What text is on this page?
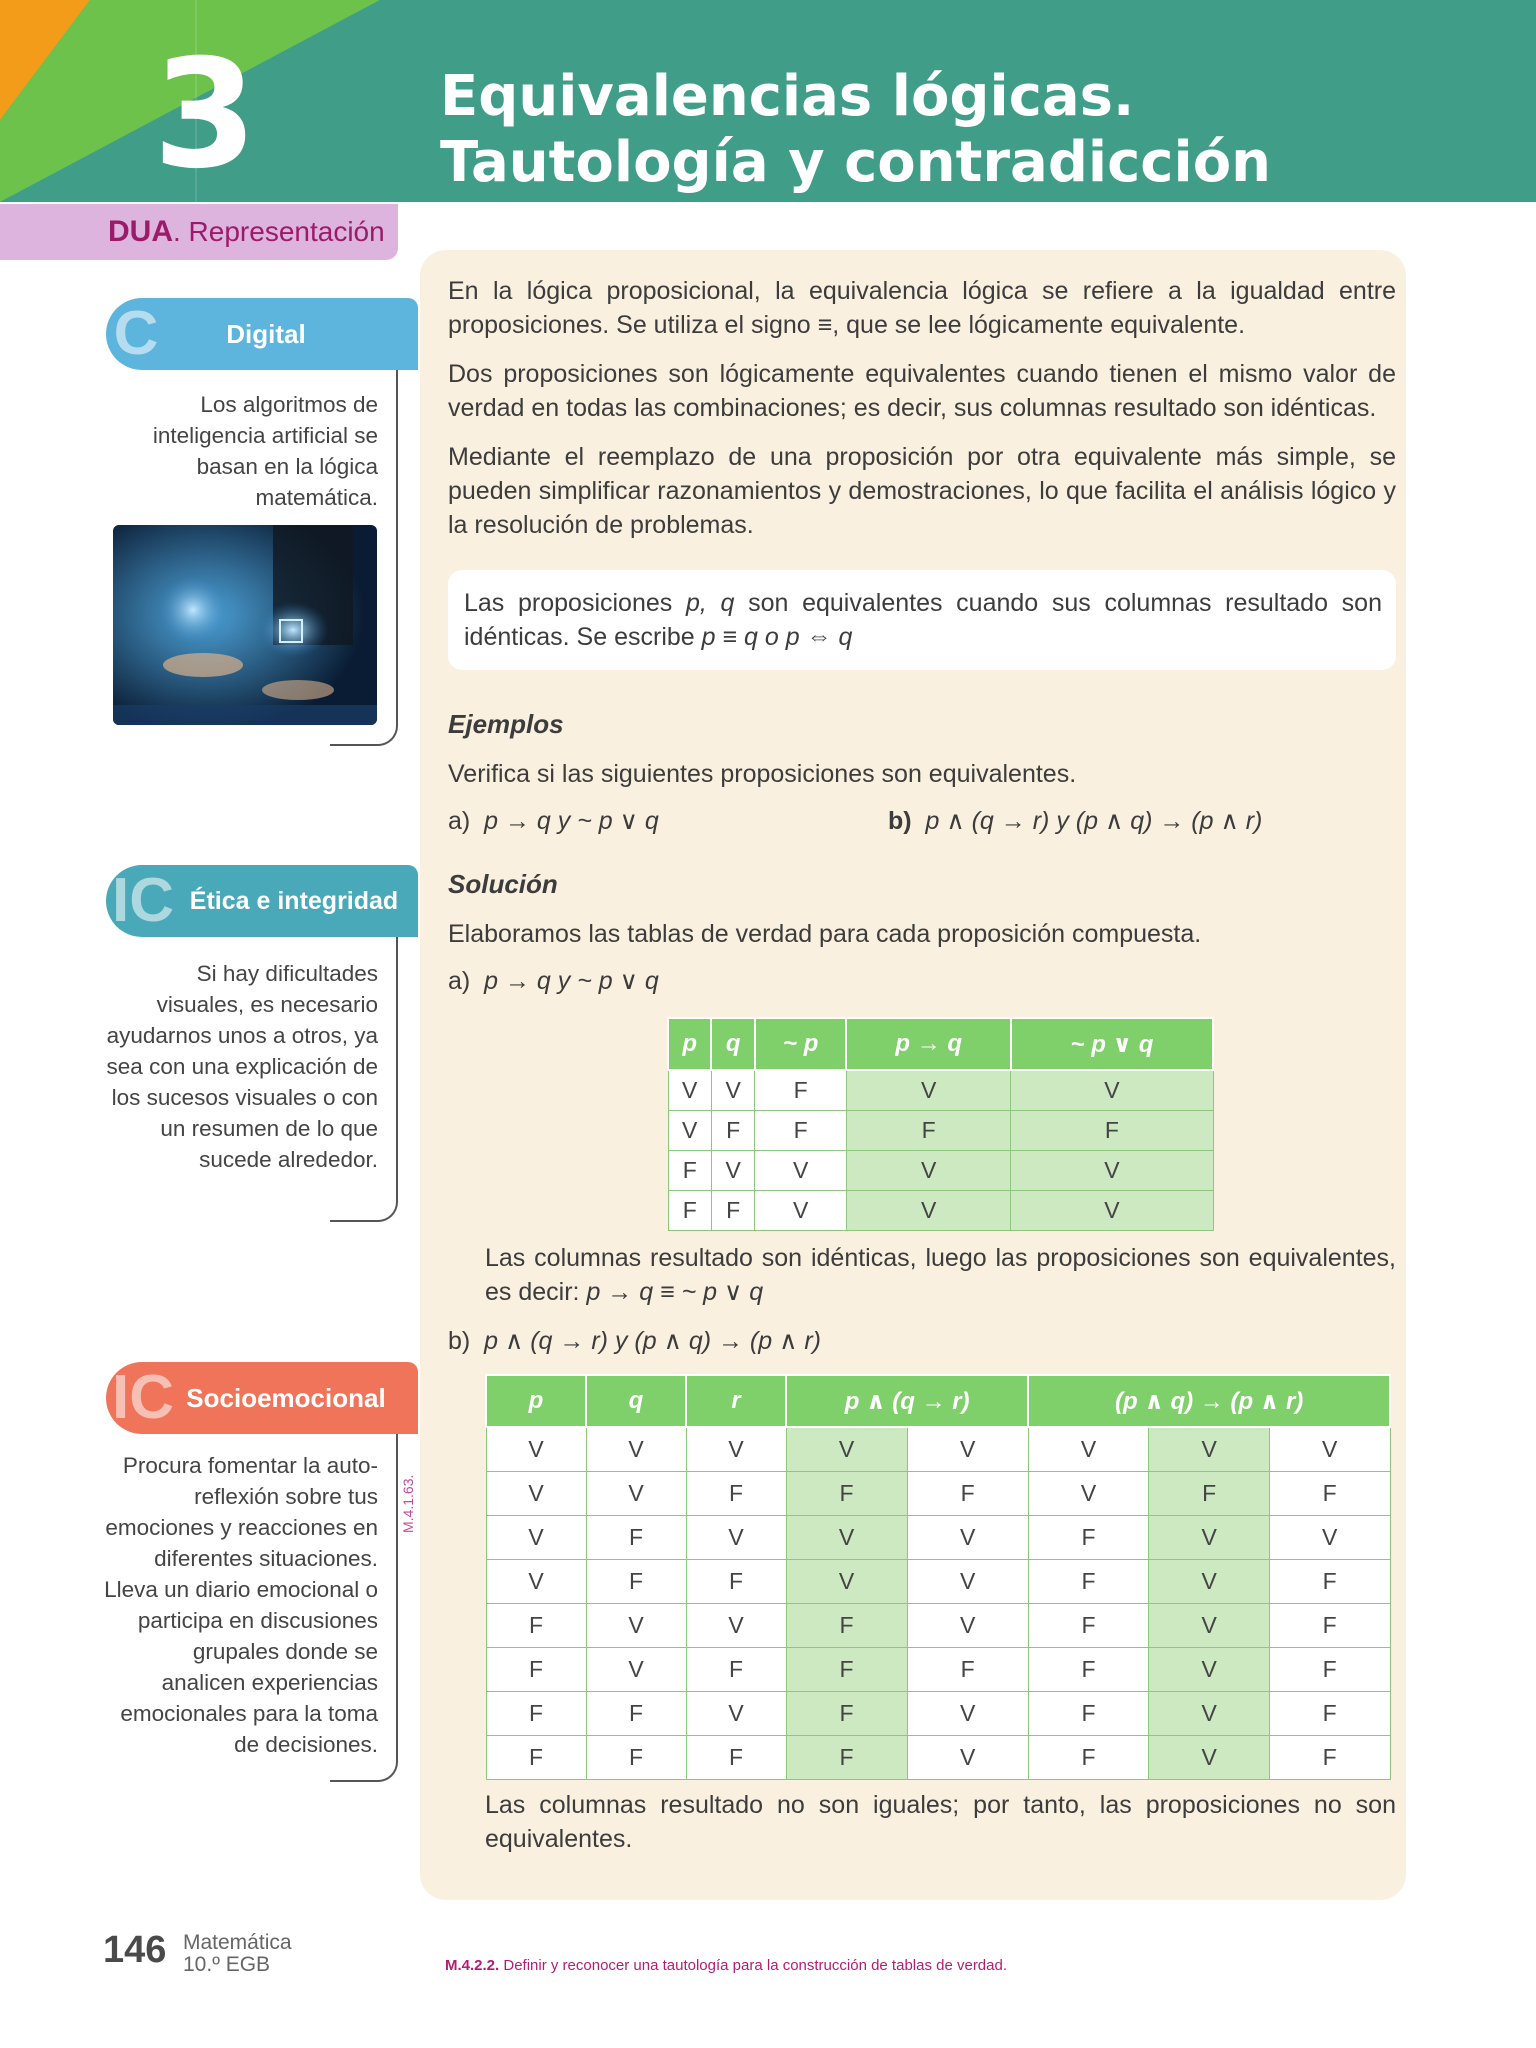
3	Equivalencias lógicas.
Tautología y contradicción
DUA. Representación
C	Digital
Los algoritmos de inteligencia artificial se basan en la lógica matemática.
IC Ética e integridad
Si hay dificultades visuales, es necesario ayudarnos unos a otros, ya sea con una explicación de los sucesos visuales o con un resumen de lo que sucede alrededor.
IC Socioemocional
Procura fomentar la auto-reflexión sobre tus emociones y reacciones en diferentes situaciones. Lleva un diario emocional o participa en discusiones grupales donde se analicen experiencias emocionales para la toma de decisiones.
M.4.1.63.
En la lógica proposicional, la equivalencia lógica se refiere a la igualdad entre proposiciones. Se utiliza el signo ≡, que se lee lógicamente equivalente.
Dos proposiciones son lógicamente equivalentes cuando tienen el mismo valor de verdad en todas las combinaciones; es decir, sus columnas resultado son idénticas.
Mediante el reemplazo de una proposición por otra equivalente más simple, se pueden simplificar razonamientos y demostraciones, lo que facilita el análisis lógico y la resolución de problemas.
Las proposiciones p, q son equivalentes cuando sus columnas resultado son idénticas. Se escribe p ≡ q o p ⇔ q
Ejemplos
Verifica si las siguientes proposiciones son equivalentes.
a) p → q y ~ p ∨ q	b) p ∧ (q → r) y (p ∧ q) → (p ∧ r)
Solución
Elaboramos las tablas de verdad para cada proposición compuesta.
a) p → q y ~ p ∨ q
p	q	~ p	p → q	~ p ∨ q
V	V	F	V	V
V	F	F	F	F
F	V	V	V	V
F	F	V	V	V
Las columnas resultado son idénticas, luego las proposiciones son equivalentes, es decir: p → q ≡ ~ p ∨ q
b) p ∧ (q → r) y (p ∧ q) → (p ∧ r)
p	q	r	p ∧ (q → r)		(p ∧ q) → (p ∧ r)		
V	V	V	V	V	V	V	V
V	V	F	F	F	V	F	F
V	F	V	V	V	F	V	V
V	F	F	V	V	F	V	F
F	V	V	F	V	F	V	F
F	V	F	F	F	F	V	F
F	F	V	F	V	F	V	F
F	F	F	F	V	F	V	F
Las columnas resultado no son iguales; por tanto, las proposiciones no son equivalentes.
146 Matemática
10.º EGB	M.4.2.2. Definir y reconocer una tautología para la construcción de tablas de verdad.
